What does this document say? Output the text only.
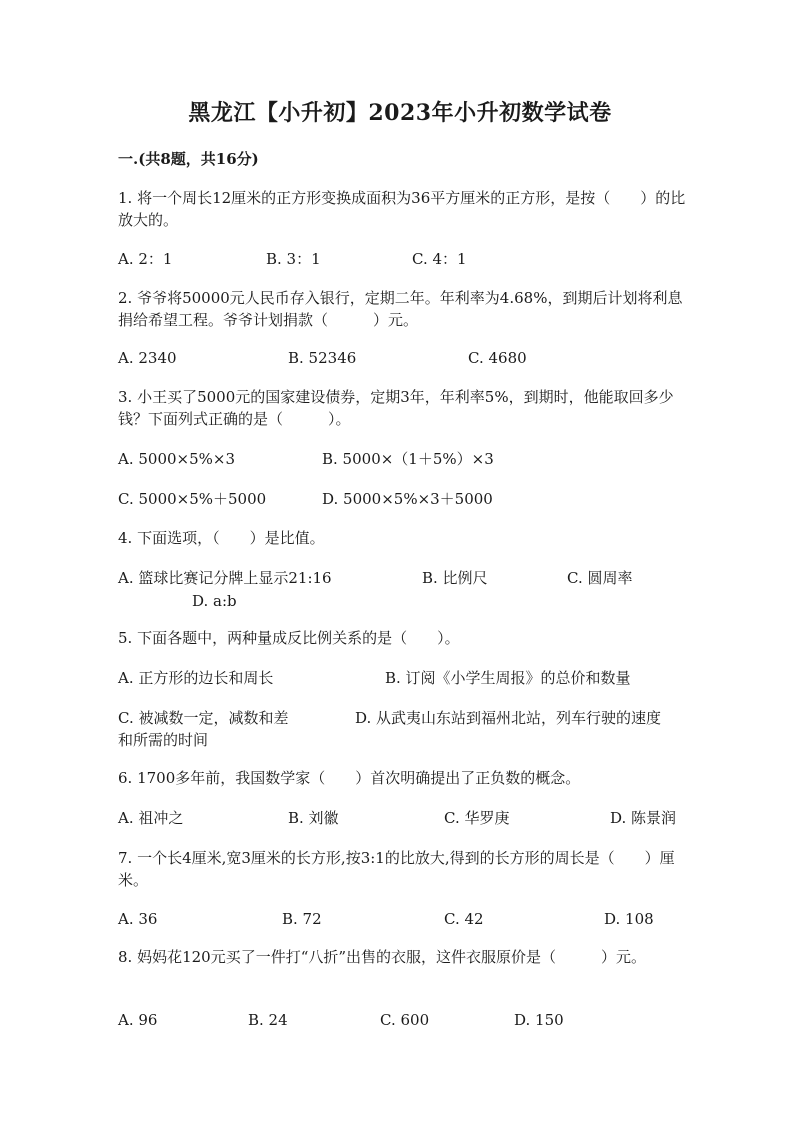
黑龙江【小升初】2023年小升初数学试卷
一.(共8题，共16分)
1. 将一个周长12厘米的正方形变换成面积为36平方厘米的正方形，是按（　　）的比放大的。
A. 2：1	B. 3：1	C. 4：1
2. 爷爷将50000元人民币存入银行，定期二年。年利率为4.68%，到期后计划将利息捐给希望工程。爷爷计划捐款（　　　）元。
A. 2340	B. 52346	C. 4680
3. 小王买了5000元的国家建设债券，定期3年，年利率5%，到期时，他能取回多少钱？下面列式正确的是（　　　）。
A. 5000×5%×3	B. 5000×（1＋5%）×3
C. 5000×5%＋5000	D. 5000×5%×3＋5000
4. 下面选项，（　　）是比值。
A. 篮球比赛记分牌上显示21:16	B. 比例尺	C. 圆周率
D. a:b
5. 下面各题中，两种量成反比例关系的是（　　）。
A. 正方形的边长和周长	B. 订阅《小学生周报》的总价和数量
C. 被减数一定，减数和差	D. 从武夷山东站到福州北站，列车行驶的速度
和所需的时间
6. 1700多年前，我国数学家（　　）首次明确提出了正负数的概念。
A. 祖冲之	B. 刘徽	C. 华罗庚	D. 陈景润
7. 一个长4厘米,宽3厘米的长方形,按3:1的比放大,得到的长方形的周长是（　　）厘米。
A. 36	B. 72	C. 42	D. 108
8. 妈妈花120元买了一件打“八折”出售的衣服，这件衣服原价是（　　　）元。
A. 96	B. 24	C. 600	D. 150
